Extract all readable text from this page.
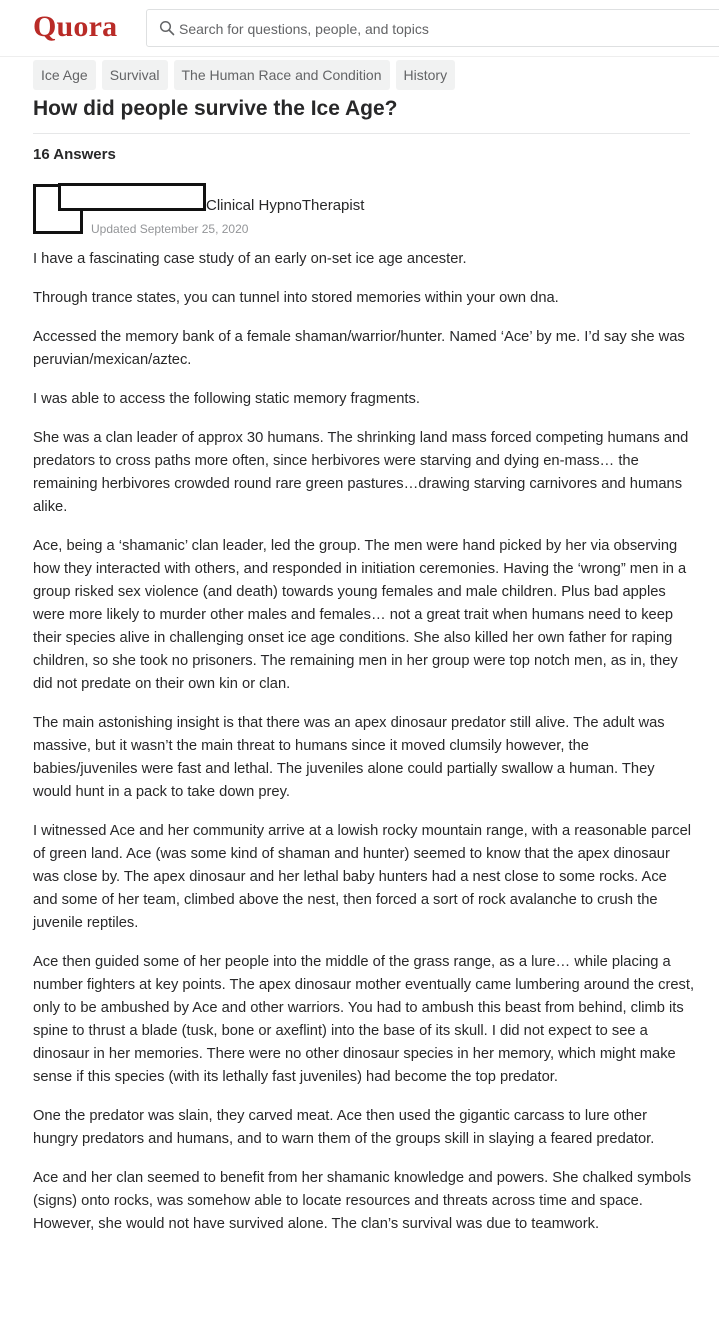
Quora	Search for questions, people, and topics
Ice Age	Survival	The Human Race and Condition	History
How did people survive the Ice Age?
16 Answers
Clinical HypnoTherapist
Updated September 25, 2020

I have a fascinating case study of an early on-set ice age ancester.

Through trance states, you can tunnel into stored memories within your own dna.

Accessed the memory bank of a female shaman/warrior/hunter. Named ‘Ace’ by me. I’d say she was peruvian/mexican/aztec.

I was able to access the following static memory fragments.

She was a clan leader of approx 30 humans. The shrinking land mass forced competing humans and predators to cross paths more often, since herbivores were starving and dying en-mass… the remaining herbivores crowded round rare green pastures…drawing starving carnivores and humans alike.

Ace, being a ‘shamanic’ clan leader, led the group. The men were hand picked by her via observing how they interacted with others, and responded in initiation ceremonies. Having the ‘wrong” men in a group risked sex violence (and death) towards young females and male children. Plus bad apples were more likely to murder other males and females… not a great trait when humans need to keep their species alive in challenging onset ice age conditions. She also killed her own father for raping children, so she took no prisoners. The remaining men in her group were top notch men, as in, they did not predate on their own kin or clan.

The main astonishing insight is that there was an apex dinosaur predator still alive. The adult was massive, but it wasn’t the main threat to humans since it moved clumsily however, the babies/juveniles were fast and lethal. The juveniles alone could partially swallow a human. They would hunt in a pack to take down prey.

I witnessed Ace and her community arrive at a lowish rocky mountain range, with a reasonable parcel of green land. Ace (was some kind of shaman and hunter) seemed to know that the apex dinosaur was close by. The apex dinosaur and her lethal baby hunters had a nest close to some rocks. Ace and some of her team, climbed above the nest, then forced a sort of rock avalanche to crush the juvenile reptiles.

Ace then guided some of her people into the middle of the grass range, as a lure… while placing a number fighters at key points. The apex dinosaur mother eventually came lumbering around the crest, only to be ambushed by Ace and other warriors. You had to ambush this beast from behind, climb its spine to thrust a blade (tusk, bone or axeflint) into the base of its skull. I did not expect to see a dinosaur in her memories. There were no other dinosaur species in her memory, which might make sense if this species (with its lethally fast juveniles) had become the top predator.

One the predator was slain, they carved meat. Ace then used the gigantic carcass to lure other hungry predators and humans, and to warn them of the groups skill in slaying a feared predator.

Ace and her clan seemed to benefit from her shamanic knowledge and powers. She chalked symbols (signs) onto rocks, was somehow able to locate resources and threats across time and space. However, she would not have survived alone. The clan’s survival was due to teamwork.
